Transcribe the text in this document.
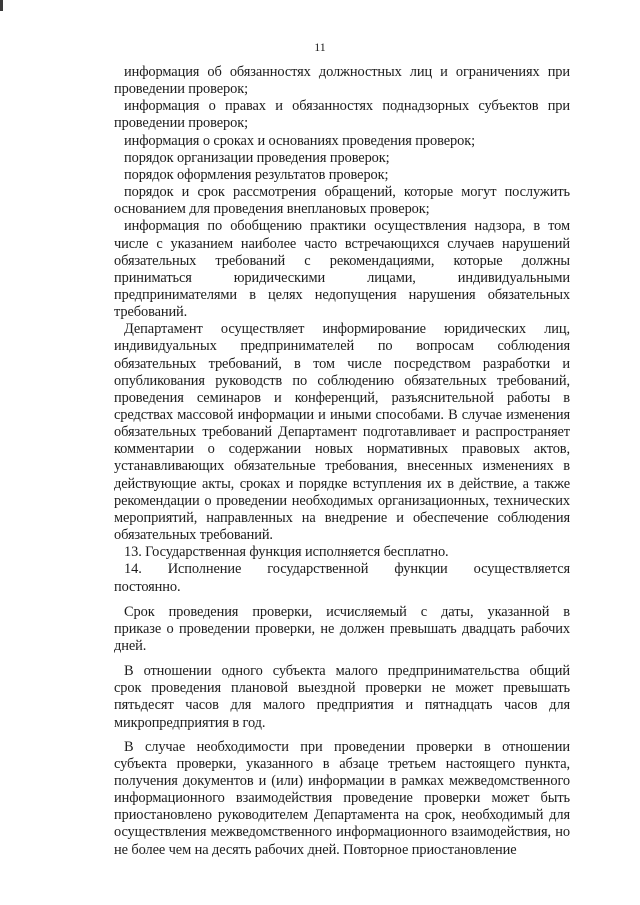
11
информация об обязанностях должностных лиц и ограничениях при
проведении проверок;
информация о правах и обязанностях поднадзорных субъектов при
проведении проверок;
информация о сроках и основаниях проведения проверок;
порядок организации проведения проверок;
порядок оформления результатов проверок;
порядок и срок рассмотрения обращений, которые могут послужить
основанием для проведения внеплановых проверок;
информация по обобщению практики осуществления надзора, в том
числе с указанием наиболее часто встречающихся случаев нарушений
обязательных требований с рекомендациями, которые должны
приниматься юридическими лицами, индивидуальными
предпринимателями в целях недопущения нарушения обязательных
требований.
Департамент осуществляет информирование юридических лиц,
индивидуальных предпринимателей по вопросам соблюдения
обязательных требований, в том числе посредством разработки и
опубликования руководств по соблюдению обязательных требований,
проведения семинаров и конференций, разъяснительной работы в
средствах массовой информации и иными способами. В случае изменения
обязательных требований Департамент подготавливает и распространяет
комментарии о содержании новых нормативных правовых актов,
устанавливающих обязательные требования, внесенных изменениях в
действующие акты, сроках и порядке вступления их в действие, а также
рекомендации о проведении необходимых организационных, технических
мероприятий, направленных на внедрение и обеспечение соблюдения
обязательных требований.
13. Государственная функция исполняется бесплатно.
14. Исполнение государственной функции осуществляется
постоянно.
Срок проведения проверки, исчисляемый с даты, указанной в
приказе о проведении проверки, не должен превышать двадцать рабочих
дней.
В отношении одного субъекта малого предпринимательства общий
срок проведения плановой выездной проверки не может превышать
пятьдесят часов для малого предприятия и пятнадцать часов для
микропредприятия в год.
В случае необходимости при проведении проверки в отношении
субъекта проверки, указанного в абзаце третьем настоящего пункта,
получения документов и (или) информации в рамках межведомственного
информационного взаимодействия проведение проверки может быть
приостановлено руководителем Департамента на срок, необходимый для
осуществления межведомственного информационного взаимодействия, но
не более чем на десять рабочих дней. Повторное приостановление
